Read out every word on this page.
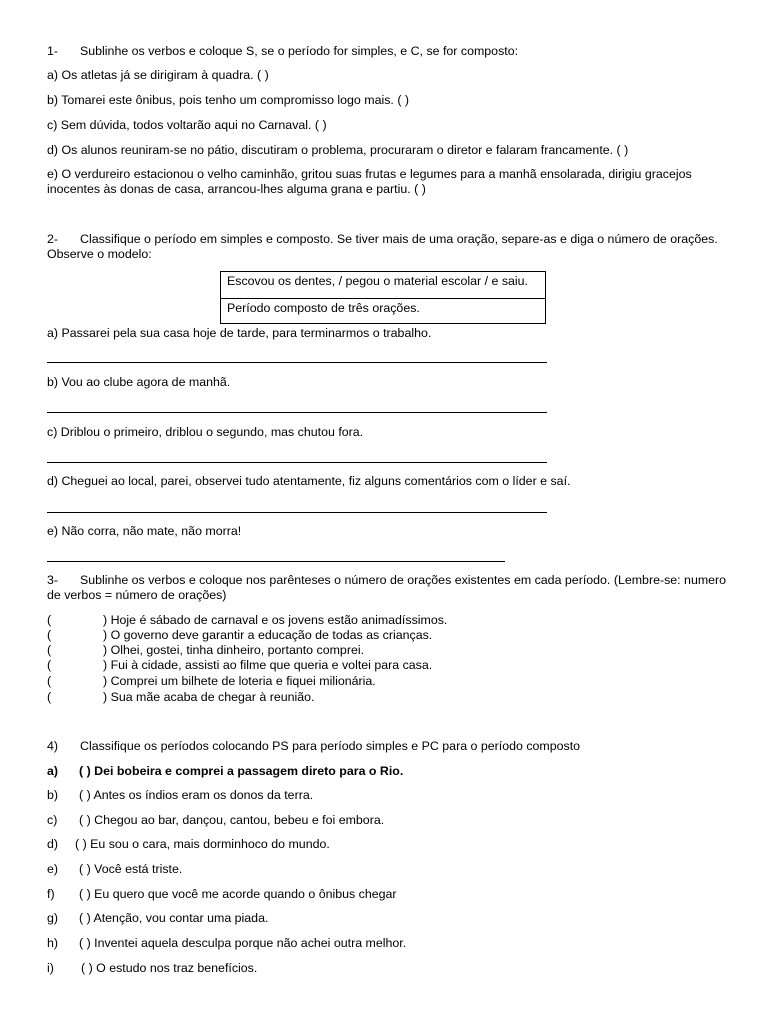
1- Sublinhe os verbos e coloque S, se o período for simples, e C, se for composto:
a) Os atletas já se dirigiram à quadra. ( )
b) Tomarei este ônibus, pois tenho um compromisso logo mais. ( )
c) Sem dúvida, todos voltarão aqui no Carnaval. ( )
d) Os alunos reuniram-se no pátio, discutiram o problema, procuraram o diretor e falaram francamente. ( )
e) O verdureiro estacionou o velho caminhão, gritou suas frutas e legumes para a manhã ensolarada, dirigiu gracejos inocentes às donas de casa, arrancou-lhes alguma grana e partiu. ( )
2- Classifique o período em simples e composto. Se tiver mais de uma oração, separe-as e diga o número de orações. Observe o modelo:
Escovou os dentes, / pegou o material escolar / e saiu.
Período composto de três orações.
a) Passarei pela sua casa hoje de tarde, para terminarmos o trabalho.
b) Vou ao clube agora de manhã.
c) Driblou o primeiro, driblou o segundo, mas chutou fora.
d) Cheguei ao local, parei, observei tudo atentamente, fiz alguns comentários com o líder e saí.
e) Não corra, não mate, não morra!
3- Sublinhe os verbos e coloque nos parênteses o número de orações existentes em cada período. (Lembre-se: numero de verbos = número de orações)
(	) Hoje é sábado de carnaval e os jovens estão animadíssimos.
(	) O governo deve garantir a educação de todas as crianças.
(	) Olhei, gostei, tinha dinheiro, portanto comprei.
(	) Fui à cidade, assisti ao filme que queria e voltei para casa.
(	) Comprei um bilhete de loteria e fiquei milionária.
(	) Sua mãe acaba de chegar à reunião.
4) Classifique os períodos colocando PS para período simples e PC para o período composto
a) ( ) Dei bobeira e comprei a passagem direto para o Rio.
b) ( ) Antes os índios eram os donos da terra.
c) ( ) Chegou ao bar, dançou, cantou, bebeu e foi embora.
d) ( ) Eu sou o cara, mais dorminhoco do mundo.
e) ( ) Você está triste.
f) ( ) Eu quero que você me acorde quando o ônibus chegar
g) ( ) Atenção, vou contar uma piada.
h) ( ) Inventei aquela desculpa porque não achei outra melhor.
i) ( ) O estudo nos traz benefícios.
